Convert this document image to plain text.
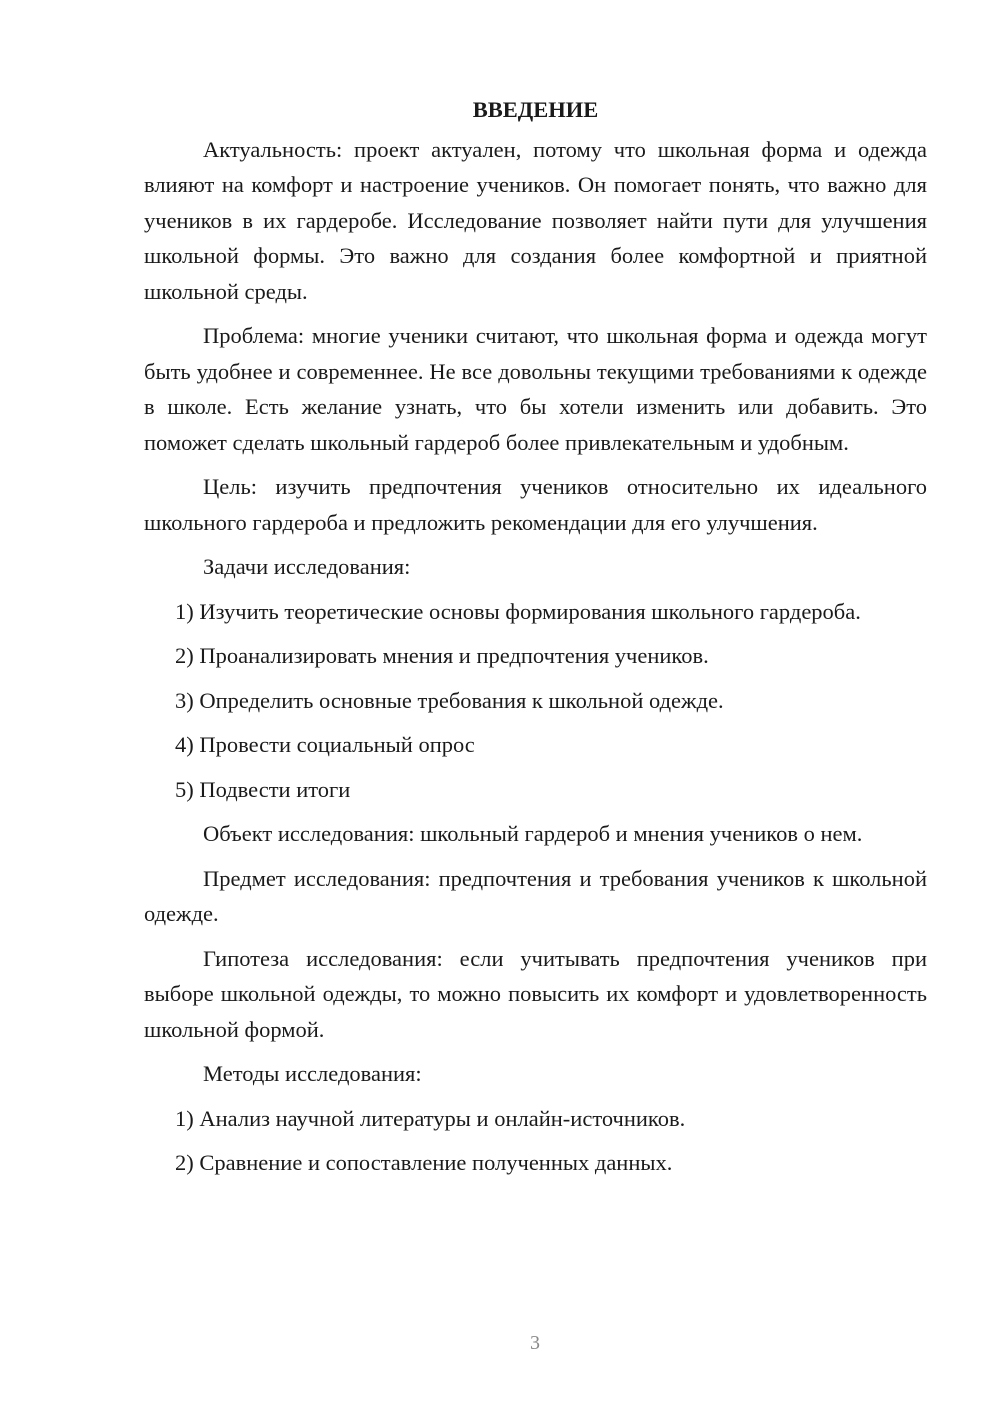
ВВЕДЕНИЕ

Актуальность: проект актуален, потому что школьная форма и одежда влияют на комфорт и настроение учеников. Он помогает понять, что важно для учеников в их гардеробе. Исследование позволяет найти пути для улучшения школьной формы. Это важно для создания более комфортной и приятной школьной среды.

Проблема: многие ученики считают, что школьная форма и одежда могут быть удобнее и современнее. Не все довольны текущими требованиями к одежде в школе. Есть желание узнать, что бы хотели изменить или добавить. Это поможет сделать школьный гардероб более привлекательным и удобным.

Цель: изучить предпочтения учеников относительно их идеального школьного гардероба и предложить рекомендации для его улучшения.

Задачи исследования:

1) Изучить теоретические основы формирования школьного гардероба.

2) Проанализировать мнения и предпочтения учеников.

3) Определить основные требования к школьной одежде.

4) Провести социальный опрос

5) Подвести итоги

Объект исследования: школьный гардероб и мнения учеников о нем.

Предмет исследования: предпочтения и требования учеников к школьной одежде.

Гипотеза исследования: если учитывать предпочтения учеников при выборе школьной одежды, то можно повысить их комфорт и удовлетворенность школьной формой.

Методы исследования:

1) Анализ научной литературы и онлайн-источников.

2) Сравнение и сопоставление полученных данных.

3
